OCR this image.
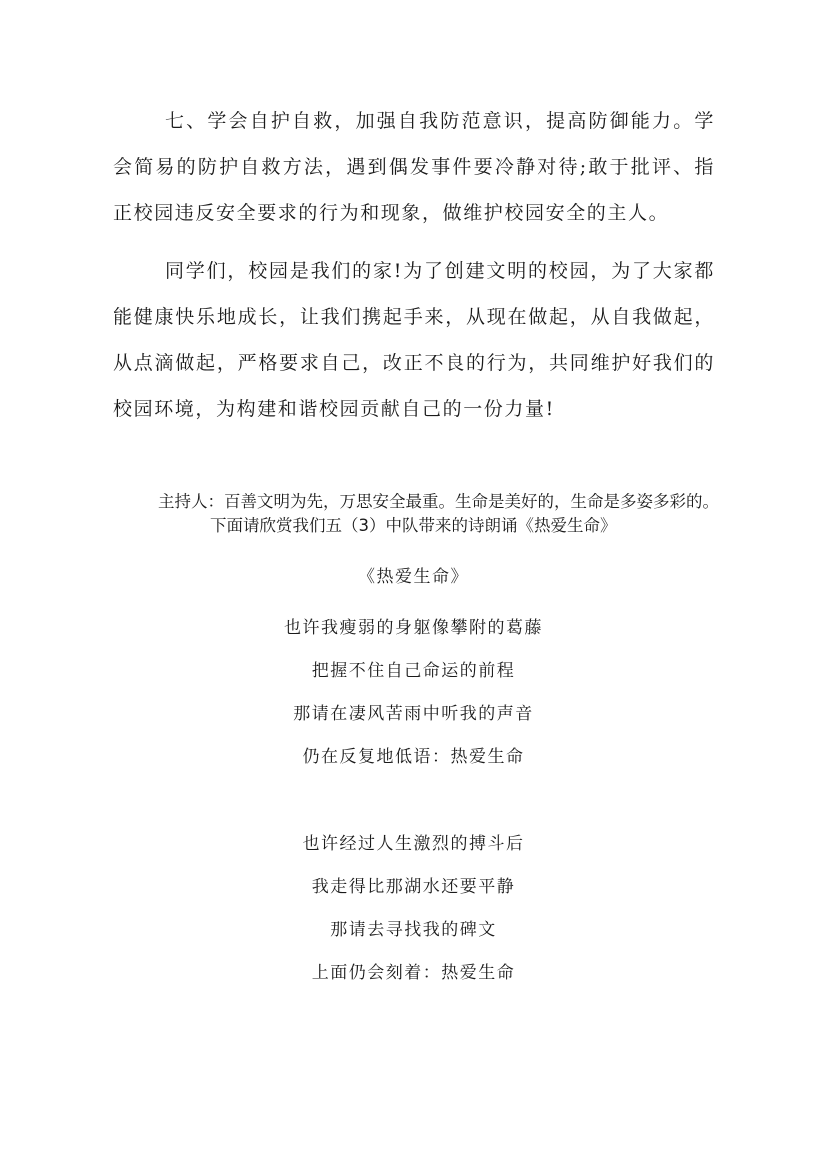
七、学会自护自救，加强自我防范意识，提高防御能力。学会简易的防护自救方法，遇到偶发事件要冷静对待;敢于批评、指正校园违反安全要求的行为和现象，做维护校园安全的主人。

同学们，校园是我们的家!为了创建文明的校园，为了大家都能健康快乐地成长，让我们携起手来，从现在做起，从自我做起，从点滴做起，严格要求自己，改正不良的行为，共同维护好我们的校园环境，为构建和谐校园贡献自己的一份力量!

主持人：百善文明为先，万思安全最重。生命是美好的，生命是多姿多彩的。
下面请欣赏我们五（3）中队带来的诗朗诵《热爱生命》
《热爱生命》
也许我瘦弱的身躯像攀附的葛藤
把握不住自己命运的前程
那请在凄风苦雨中听我的声音
仍在反复地低语：热爱生命
也许经过人生激烈的搏斗后
我走得比那湖水还要平静
那请去寻找我的碑文
上面仍会刻着：热爱生命
